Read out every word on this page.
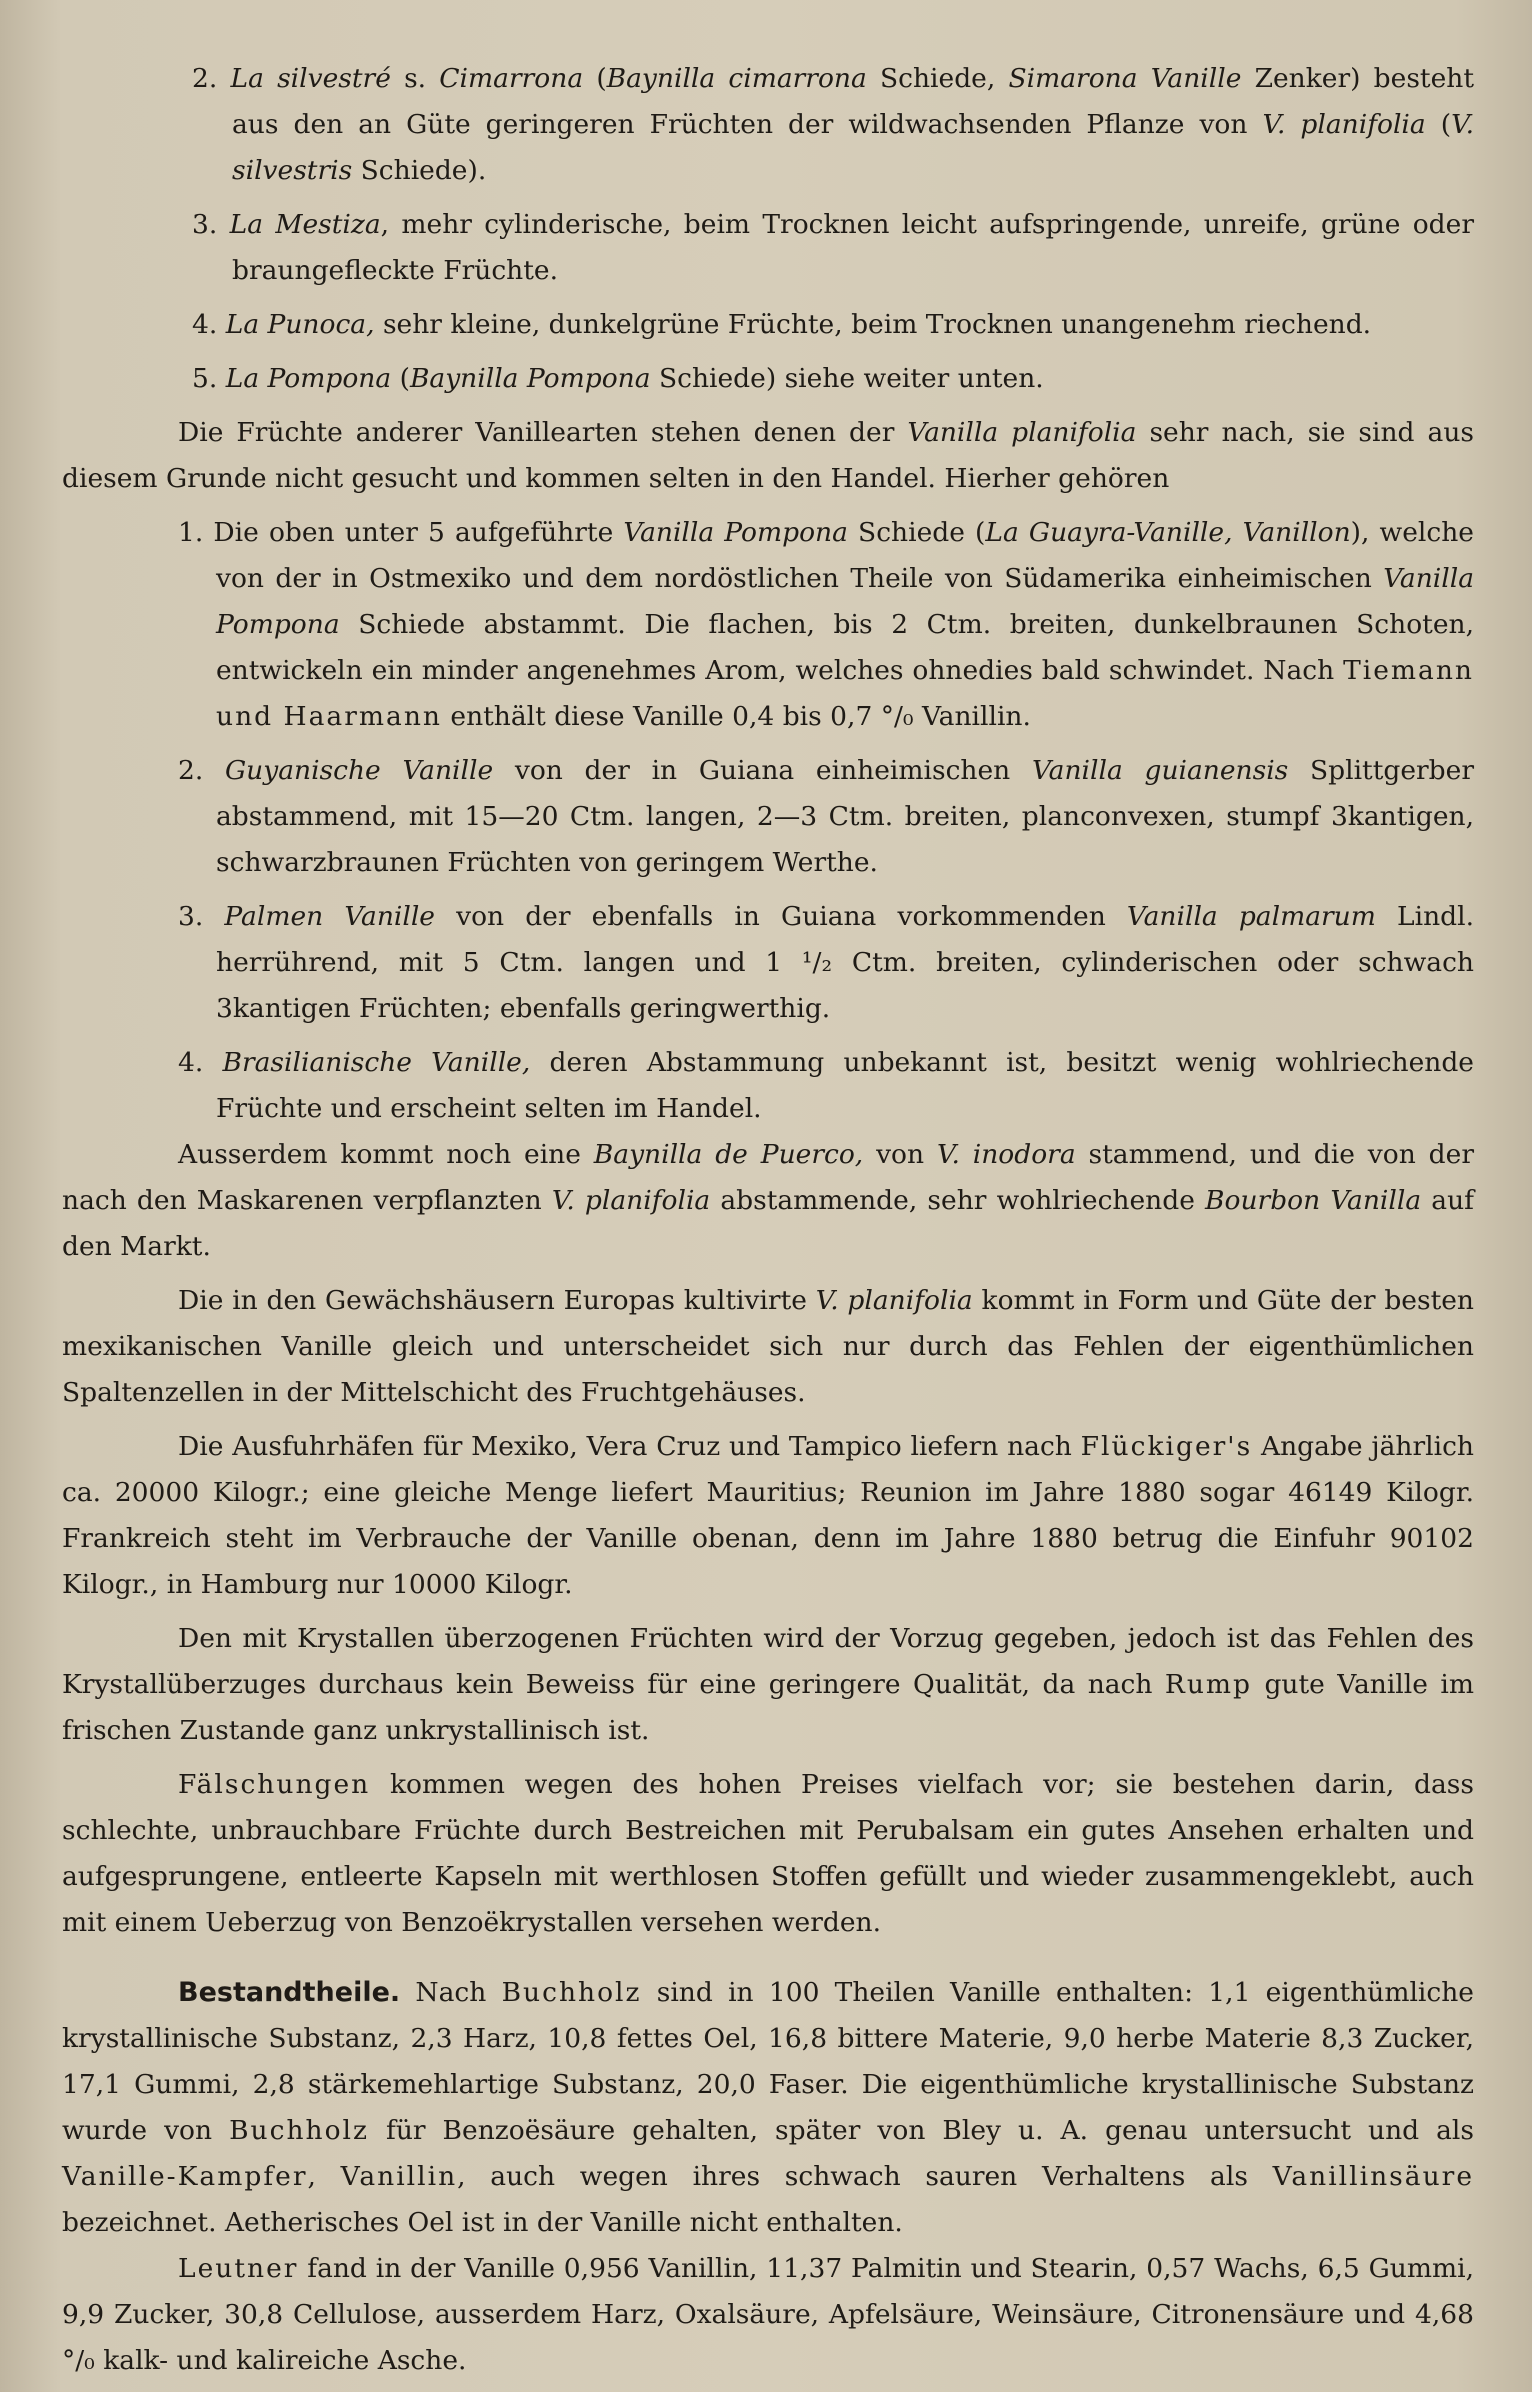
2. La silvestré s. Cimarrona (Baynilla cimarrona Schiede, Simarona Vanille Zenker) besteht aus den an Güte geringeren Früchten der wildwachsenden Pflanze von V. planifolia (V. silvestris Schiede).

3. La Mestiza, mehr cylinderische, beim Trocknen leicht aufspringende, unreife, grüne oder braungefleckte Früchte.

4. La Punoca, sehr kleine, dunkelgrüne Früchte, beim Trocknen unangenehm riechend.

5. La Pompona (Baynilla Pompona Schiede) siehe weiter unten.

Die Früchte anderer Vanillearten stehen denen der Vanilla planifolia sehr nach, sie sind aus diesem Grunde nicht gesucht und kommen selten in den Handel. Hierher gehören

1. Die oben unter 5 aufgeführte Vanilla Pompona Schiede (La Guayra-Vanille, Vanillon), welche von der in Ostmexiko und dem nordöstlichen Theile von Südamerika einheimischen Vanilla Pompona Schiede abstammt. Die flachen, bis 2 Ctm. breiten, dunkelbraunen Schoten, entwickeln ein minder angenehmes Arom, welches ohnedies bald schwindet. Nach Tiemann und Haarmann enthält diese Vanille 0,4 bis 0,7 °/₀ Vanillin.

2. Guyanische Vanille von der in Guiana einheimischen Vanilla guianensis Splittgerber abstammend, mit 15—20 Ctm. langen, 2—3 Ctm. breiten, planconvexen, stumpf 3kantigen, schwarzbraunen Früchten von geringem Werthe.

3. Palmen Vanille von der ebenfalls in Guiana vorkommenden Vanilla palmarum Lindl. herrührend, mit 5 Ctm. langen und 1 ¹/₂ Ctm. breiten, cylinderischen oder schwach 3kantigen Früchten; ebenfalls geringwerthig.

4. Brasilianische Vanille, deren Abstammung unbekannt ist, besitzt wenig wohlriechende Früchte und erscheint selten im Handel.

Ausserdem kommt noch eine Baynilla de Puerco, von V. inodora stammend, und die von der nach den Maskarenen verpflanzten V. planifolia abstammende, sehr wohlriechende Bourbon Vanilla auf den Markt.

Die in den Gewächshäusern Europas kultivirte V. planifolia kommt in Form und Güte der besten mexikanischen Vanille gleich und unterscheidet sich nur durch das Fehlen der eigenthümlichen Spaltenzellen in der Mittelschicht des Fruchtgehäuses.

Die Ausfuhrhäfen für Mexiko, Vera Cruz und Tampico liefern nach Flückiger's Angabe jährlich ca. 20000 Kilogr.; eine gleiche Menge liefert Mauritius; Reunion im Jahre 1880 sogar 46149 Kilogr. Frankreich steht im Verbrauche der Vanille obenan, denn im Jahre 1880 betrug die Einfuhr 90102 Kilogr., in Hamburg nur 10000 Kilogr.

Den mit Krystallen überzogenen Früchten wird der Vorzug gegeben, jedoch ist das Fehlen des Krystallüberzuges durchaus kein Beweiss für eine geringere Qualität, da nach Rump gute Vanille im frischen Zustande ganz unkrystallinisch ist.

Fälschungen kommen wegen des hohen Preises vielfach vor; sie bestehen darin, dass schlechte, unbrauchbare Früchte durch Bestreichen mit Perubalsam ein gutes Ansehen erhalten und aufgesprungene, entleerte Kapseln mit werthlosen Stoffen gefüllt und wieder zusammengeklebt, auch mit einem Ueberzug von Benzoëkrystallen versehen werden.

Bestandtheile. Nach Buchholz sind in 100 Theilen Vanille enthalten: 1,1 eigenthümliche krystallinische Substanz, 2,3 Harz, 10,8 fettes Oel, 16,8 bittere Materie, 9,0 herbe Materie 8,3 Zucker, 17,1 Gummi, 2,8 stärkemehlartige Substanz, 20,0 Faser. Die eigenthümliche krystallinische Substanz wurde von Buchholz für Benzoësäure gehalten, später von Bley u. A. genau untersucht und als Vanille-Kampfer, Vanillin, auch wegen ihres schwach sauren Verhaltens als Vanillinsäure bezeichnet. Aetherisches Oel ist in der Vanille nicht enthalten.

Leutner fand in der Vanille 0,956 Vanillin, 11,37 Palmitin und Stearin, 0,57 Wachs, 6,5 Gummi, 9,9 Zucker, 30,8 Cellulose, ausserdem Harz, Oxalsäure, Apfelsäure, Weinsäure, Citronensäure und 4,68 °/₀ kalk- und kalireiche Asche.
